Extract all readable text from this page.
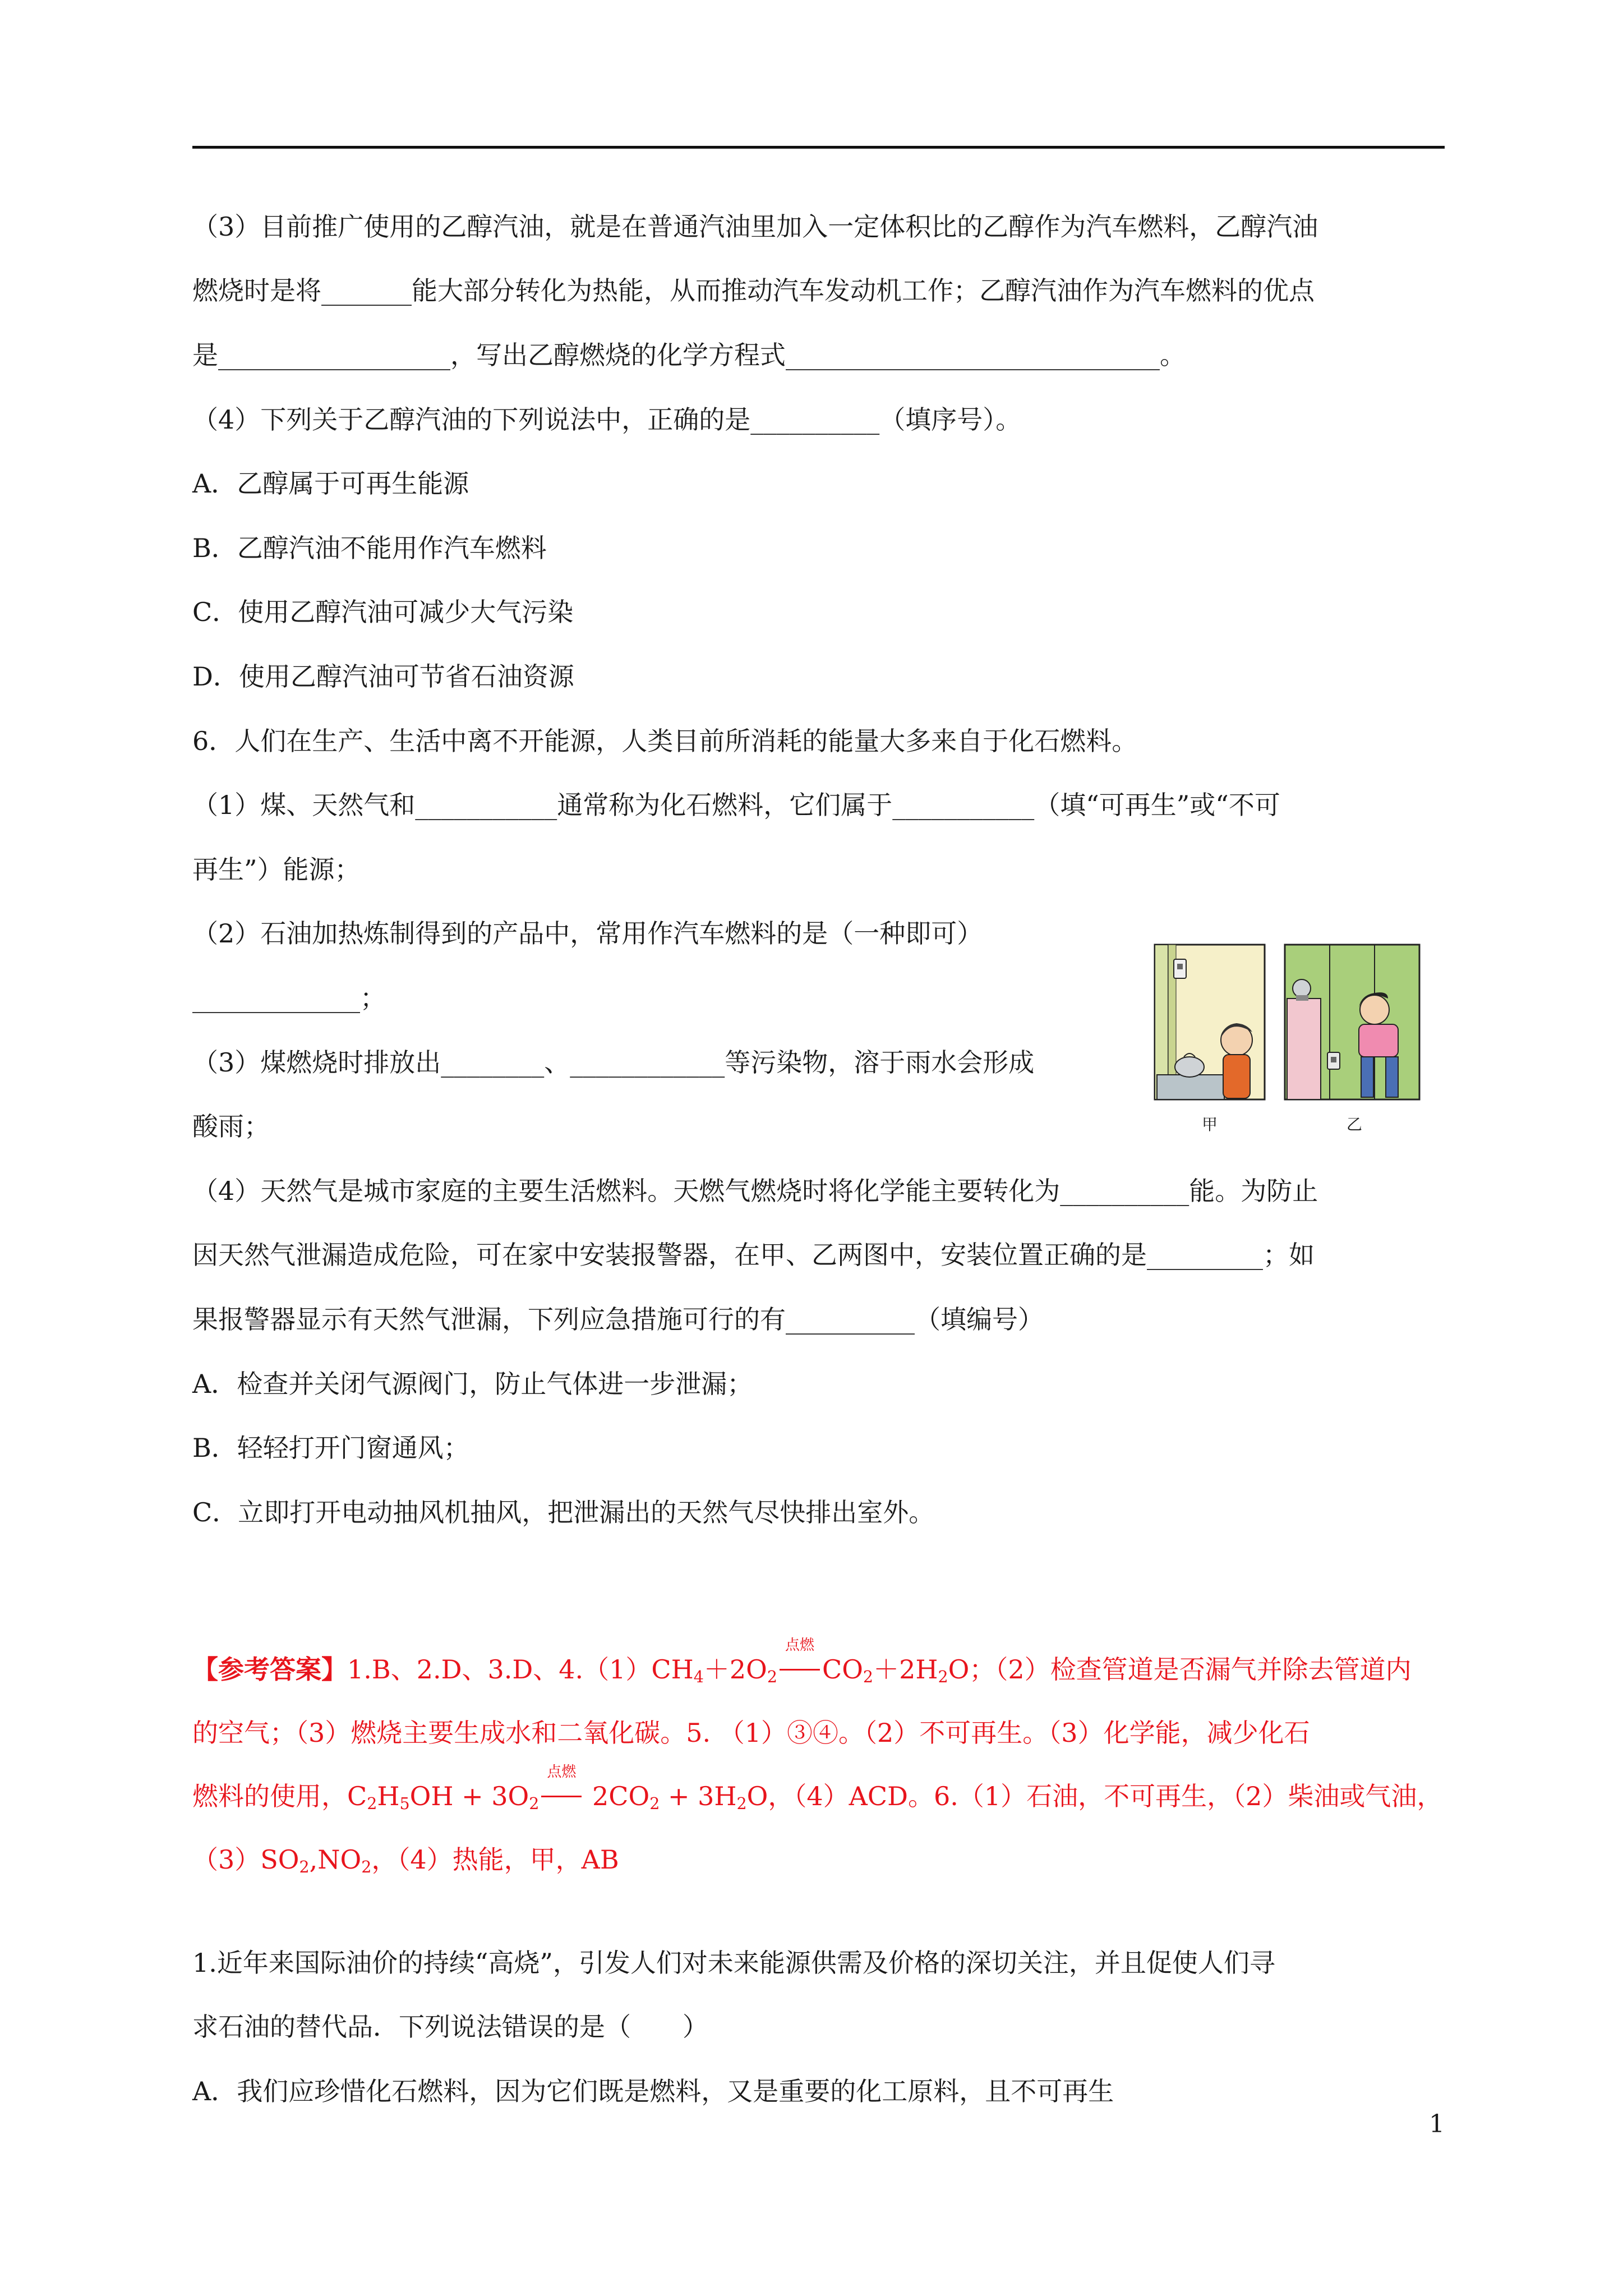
（3）目前推广使用的乙醇汽油，就是在普通汽油里加入一定体积比的乙醇作为汽车燃料，乙醇汽油
燃烧时是将_______能大部分转化为热能，从而推动汽车发动机工作；乙醇汽油作为汽车燃料的优点
是__________________，写出乙醇燃烧的化学方程式_____________________________。
（4）下列关于乙醇汽油的下列说法中，正确的是__________（填序号）。
A．乙醇属于可再生能源
B．乙醇汽油不能用作汽车燃料
C．使用乙醇汽油可减少大气污染
D．使用乙醇汽油可节省石油资源
6．人们在生产、生活中离不开能源，人类目前所消耗的能量大多来自于化石燃料。
（1）煤、天然气和___________通常称为化石燃料，它们属于___________（填“可再生”或“不可
再生”）能源；
（2）石油加热炼制得到的产品中，常用作汽车燃料的是（一种即可）
_____________；
（3）煤燃烧时排放出________、____________等污染物，溶于雨水会形成
酸雨；
（4）天然气是城市家庭的主要生活燃料。天燃气燃烧时将化学能主要转化为__________能。为防止
因天然气泄漏造成危险，可在家中安装报警器，在甲、乙两图中，安装位置正确的是_________；如
果报警器显示有天然气泄漏，下列应急措施可行的有__________（填编号）
A．检查并关闭气源阀门，防止气体进一步泄漏；
B．轻轻打开门窗通风；
C．立即打开电动抽风机抽风，把泄漏出的天然气尽快排出室外。
甲	乙
【参考答案】1.B、2.D、3.D、$4.(1)CH_4+2O_2$
点燃
$CO_2+2H_2O$；（2）检查管道是否漏气并除去管道内
的空气；（3）燃烧主要生成水和二氧化碳。5. （1）③④。（2）不可再生。（3）化学能，减少化石
燃料的使用，$C_2H_5OH + 3O_2$
点燃
$2CO_2 + 3H_2O$，（4）ACD。6.（1）石油，不可再生，（2）柴油或气油，
$(3)SO_2,NO_2$，（4）热能，甲，AB
1.近年来国际油价的持续“高烧”，引发人们对未来能源供需及价格的深切关注，并且促使人们寻
求石油的替代品．下列说法错误的是（　　）
A．我们应珍惜化石燃料，因为它们既是燃料，又是重要的化工原料，且不可再生
1
